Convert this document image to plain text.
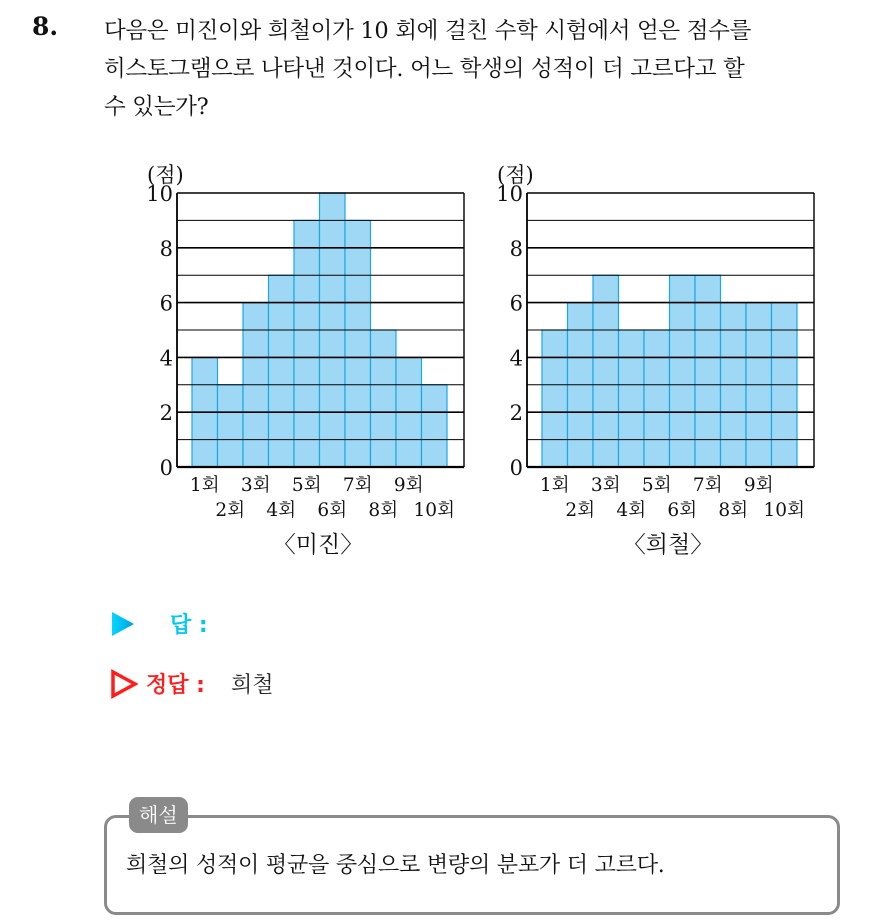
8. 다음은 미진이와 희철이가 10 회에 걸친 수학 시험에서 얻은 점수를
히스토그램으로 나타낸 것이다. 어느 학생의 성적이 더 고르다고 할
수 있는가?
0
2
4
6
8
10
(점)
1회
2회
3회
4회
5회
6회
7회
8회
9회
10회
0
2
4
6
8
10
(점)
1회
2회
3회
4회
5회
6회
7회
8회
9회
10회
〈미진〉	〈희철〉
답 :
정답 : 희철
해설
희철의 성적이 평균을 중심으로 변량의 분포가 더 고르다.
